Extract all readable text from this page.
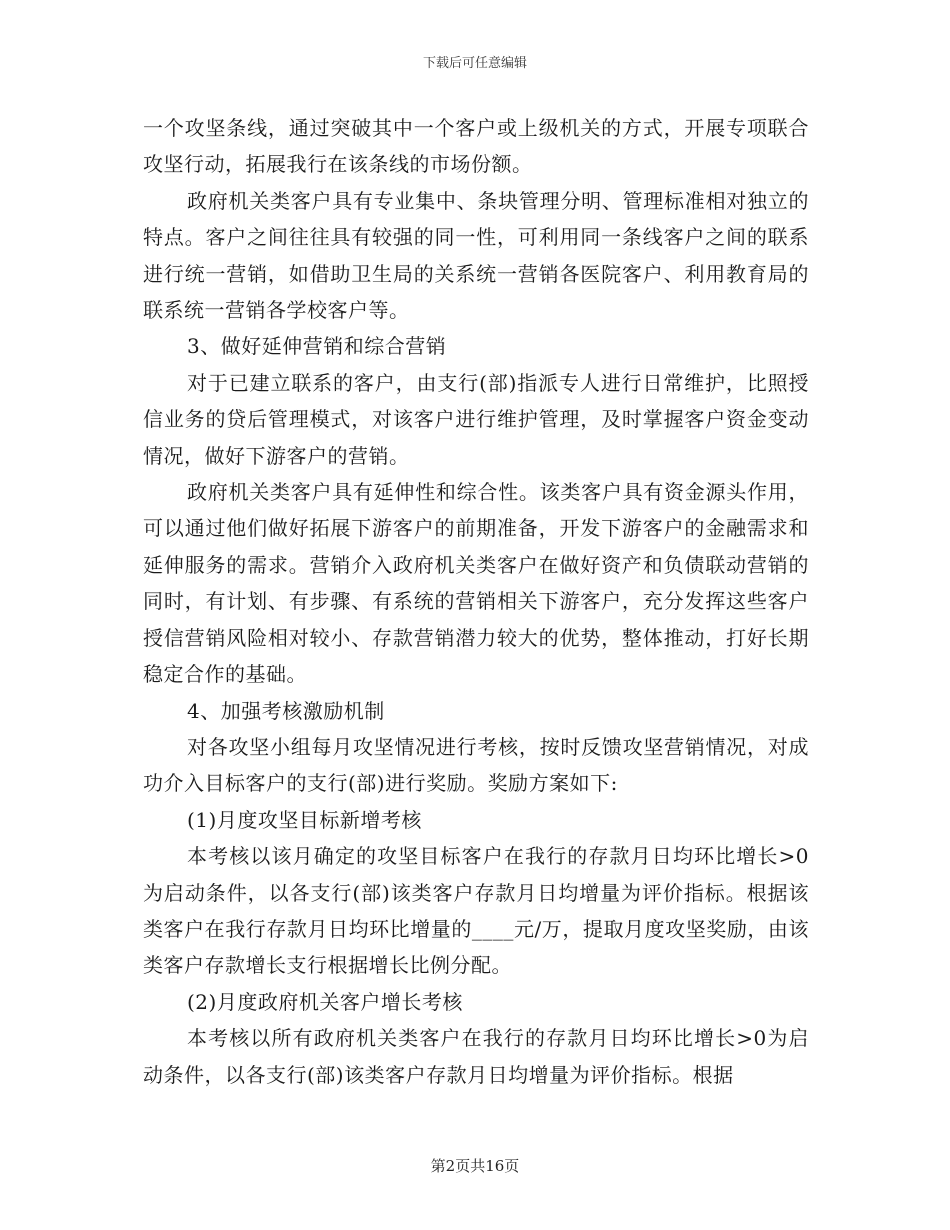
下载后可任意编辑

一个攻坚条线，通过突破其中一个客户或上级机关的方式，开展专项联合攻坚行动，拓展我行在该条线的市场份额。

政府机关类客户具有专业集中、条块管理分明、管理标准相对独立的特点。客户之间往往具有较强的同一性，可利用同一条线客户之间的联系进行统一营销，如借助卫生局的关系统一营销各医院客户、利用教育局的联系统一营销各学校客户等。

3、做好延伸营销和综合营销

对于已建立联系的客户，由支行(部)指派专人进行日常维护，比照授信业务的贷后管理模式，对该客户进行维护管理，及时掌握客户资金变动情况，做好下游客户的营销。

政府机关类客户具有延伸性和综合性。该类客户具有资金源头作用，可以通过他们做好拓展下游客户的前期准备，开发下游客户的金融需求和延伸服务的需求。营销介入政府机关类客户在做好资产和负债联动营销的同时，有计划、有步骤、有系统的营销相关下游客户，充分发挥这些客户授信营销风险相对较小、存款营销潜力较大的优势，整体推动，打好长期稳定合作的基础。

4、加强考核激励机制

对各攻坚小组每月攻坚情况进行考核，按时反馈攻坚营销情况，对成功介入目标客户的支行(部)进行奖励。奖励方案如下:

(1)月度攻坚目标新增考核

本考核以该月确定的攻坚目标客户在我行的存款月日均环比增长>0为启动条件，以各支行(部)该类客户存款月日均增量为评价指标。根据该类客户在我行存款月日均环比增量的____元/万，提取月度攻坚奖励，由该类客户存款增长支行根据增长比例分配。

(2)月度政府机关客户增长考核

本考核以所有政府机关类客户在我行的存款月日均环比增长>0为启动条件，以各支行(部)该类客户存款月日均增量为评价指标。根据

第2页共16页
